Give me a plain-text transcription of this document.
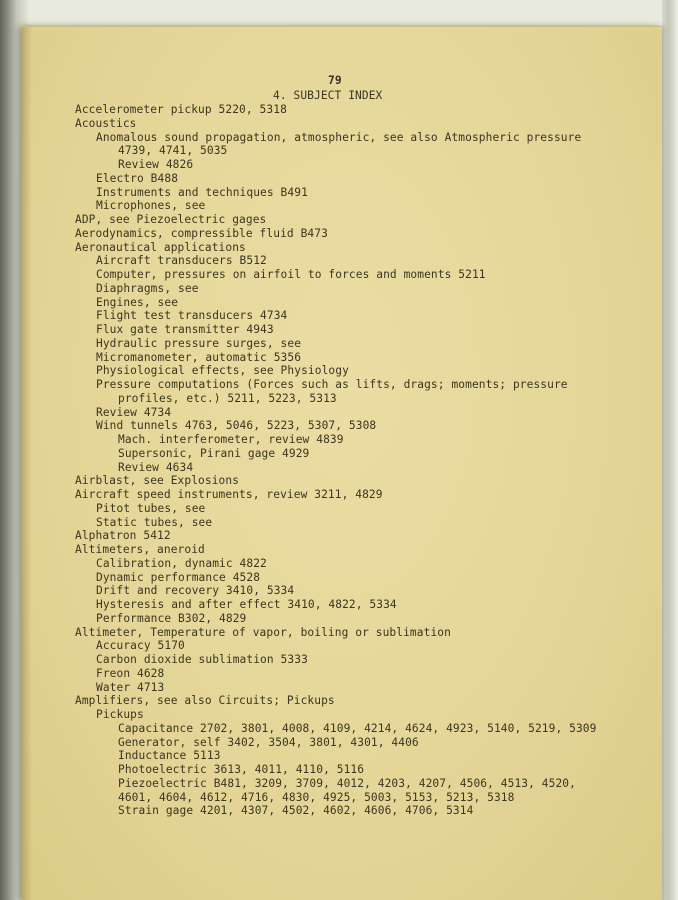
79
4. SUBJECT INDEX
Accelerometer pickup 5220, 5318
Acoustics
Anomalous sound propagation, atmospheric, see also Atmospheric pressure
4739, 4741, 5035
Review 4826
Electro B488
Instruments and techniques B491
Microphones, see
ADP, see Piezoelectric gages
Aerodynamics, compressible fluid B473
Aeronautical applications
Aircraft transducers B512
Computer, pressures on airfoil to forces and moments 5211
Diaphragms, see
Engines, see
Flight test transducers 4734
Flux gate transmitter 4943
Hydraulic pressure surges, see
Micromanometer, automatic 5356
Physiological effects, see Physiology
Pressure computations (Forces such as lifts, drags; moments; pressure
profiles, etc.) 5211, 5223, 5313
Review 4734
Wind tunnels 4763, 5046, 5223, 5307, 5308
Mach. interferometer, review 4839
Supersonic, Pirani gage 4929
Review 4634
Airblast, see Explosions
Aircraft speed instruments, review 3211, 4829
Pitot tubes, see
Static tubes, see
Alphatron 5412
Altimeters, aneroid
Calibration, dynamic 4822
Dynamic performance 4528
Drift and recovery 3410, 5334
Hysteresis and after effect 3410, 4822, 5334
Performance B302, 4829
Altimeter, Temperature of vapor, boiling or sublimation
Accuracy 5170
Carbon dioxide sublimation 5333
Freon 4628
Water 4713
Amplifiers, see also Circuits; Pickups
Pickups
Capacitance 2702, 3801, 4008, 4109, 4214, 4624, 4923, 5140, 5219, 5309
Generator, self 3402, 3504, 3801, 4301, 4406
Inductance 5113
Photoelectric 3613, 4011, 4110, 5116
Piezoelectric B481, 3209, 3709, 4012, 4203, 4207, 4506, 4513, 4520,
4601, 4604, 4612, 4716, 4830, 4925, 5003, 5153, 5213, 5318
Strain gage 4201, 4307, 4502, 4602, 4606, 4706, 5314
